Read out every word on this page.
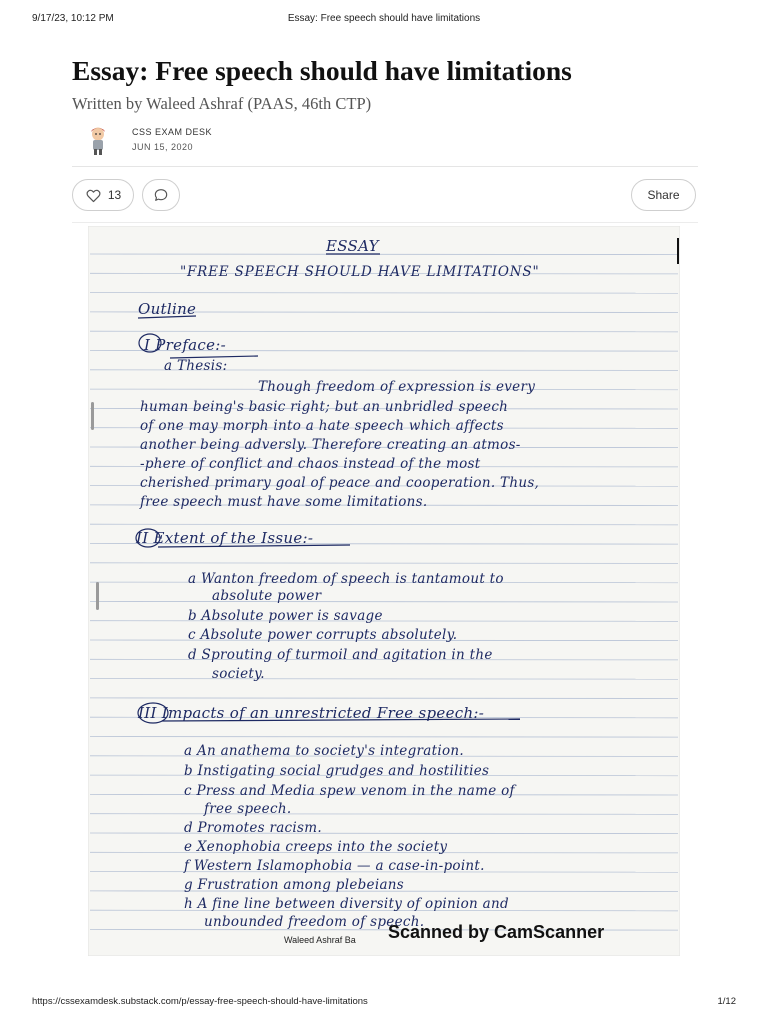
9/17/23, 10:12 PM	Essay: Free speech should have limitations
Essay: Free speech should have limitations
Written by Waleed Ashraf (PAAS, 46th CTP)
CSS EXAM DESK
JUN 15, 2020
13	Share
ESSAY
"FREE SPEECH SHOULD HAVE LIMITATIONS"
Outline
I Preface:-
a Thesis:
Though freedom of expression is every
human being's basic right; but an unbridled speech
of one may morph into a hate speech which affects
another being adversly. Therefore creating an atmos-
-phere of conflict and chaos instead of the most
cherished primary goal of peace and cooperation. Thus,
free speech must have some limitations.
II Extent of the Issue:-
a Wanton freedom of speech is tantamout to
absolute power
b Absolute power is savage
c Absolute power corrupts absolutely.
d Sprouting of turmoil and agitation in the
society.
III Impacts of an unrestricted Free speech:-
a An anathema to society's integration.
b Instigating social grudges and hostilities
c Press and Media spew venom in the name of
free speech.
d Promotes racism.
e Xenophobia creeps into the society
f Western Islamophobia — a case-in-point.
g Frustration among plebeians
h A fine line between diversity of opinion and
unbounded freedom of speech.
Waleed Ashraf Ba Scanned by CamScanner
https://cssexamdesk.substack.com/p/essay-free-speech-should-have-limitations	1/12
